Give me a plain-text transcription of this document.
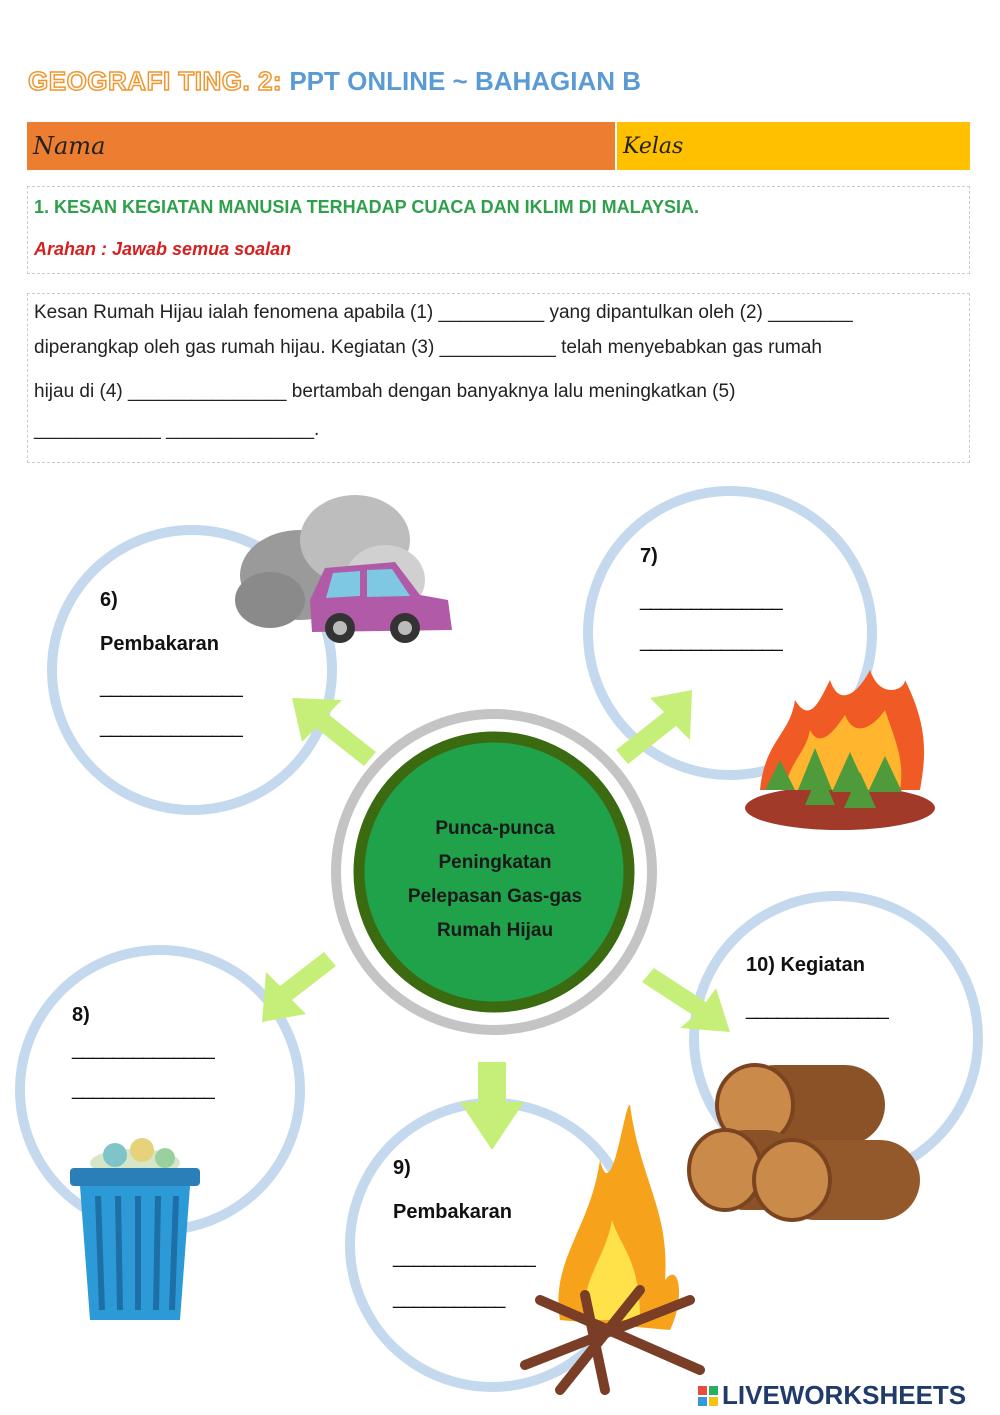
GEOGRAFI TING. 2: PPT ONLINE ~ BAHAGIAN B
Nama	Kelas
1. KESAN KEGIATAN MANUSIA TERHADAP CUACA DAN IKLIM DI MALAYSIA.
Arahan : Jawab semua soalan
Kesan Rumah Hijau ialah fenomena apabila (1) __________ yang dipantulkan oleh (2) ________
diperangkap oleh gas rumah hijau. Kegiatan (3) ___________ telah menyebabkan gas rumah
hijau di (4) _______________ bertambah dengan banyaknya lalu meningkatkan (5)
____________ ______________.
Punca-punca Peningkatan Pelepasan Gas-gas Rumah Hijau
6)
Pembakaran
______________
______________
7)
______________
______________
8)
______________
______________
9)
Pembakaran
______________
___________
10) Kegiatan
______________
LIVEWORKSHEETS
